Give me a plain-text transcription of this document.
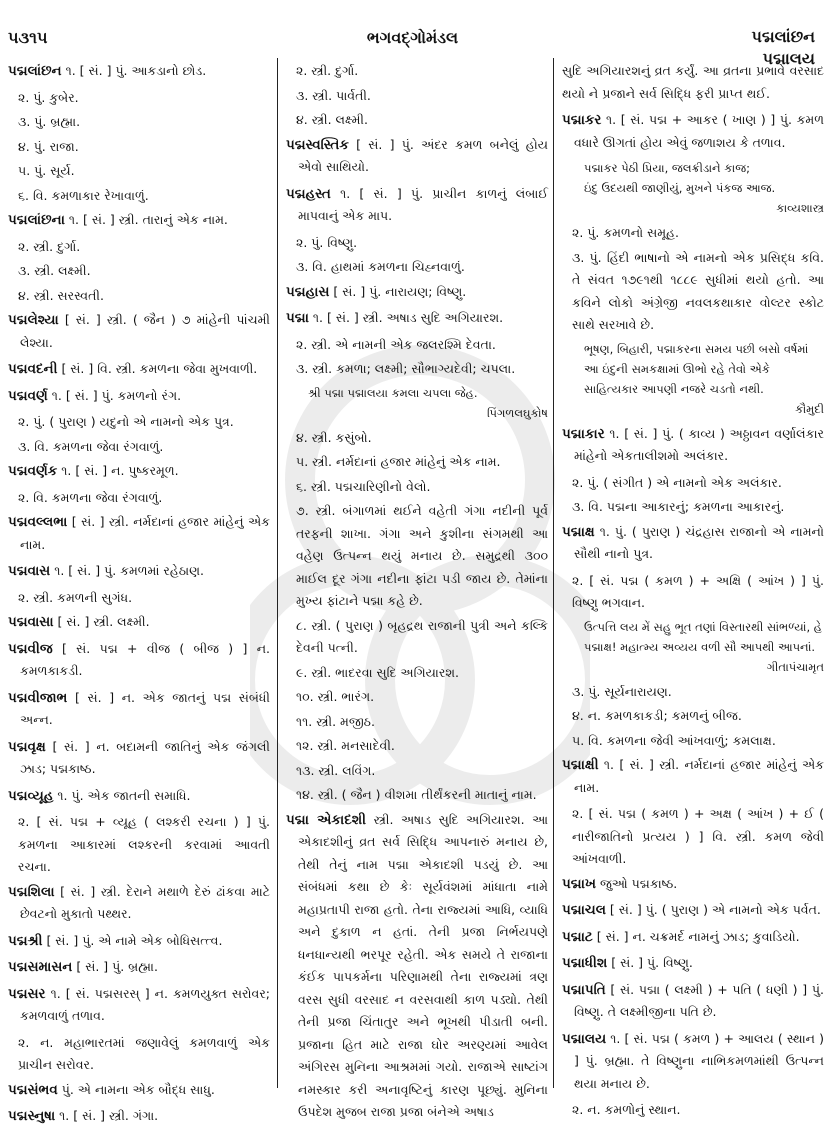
૫૩૧૫	ભગવદ્ગોમંડલ	પદ્મલાંછન
પદ્માલય
પદ્મલાંછન ૧. [ સં. ] પું. આકડાનો છોડ.
૨. પું. કુબેર.
૩. પું. બ્રહ્મા.
૪. પું. રાજા.
૫. પું. સૂર્ય.
૬. વિ. કમળાકાર રેખાવાળું.
પદ્મલાંછના ૧. [ સં. ] સ્ત્રી. તારાનું એક નામ.
૨. સ્ત્રી. દુર્ગા.
૩. સ્ત્રી. લક્ષ્મી.
૪. સ્ત્રી. સરસ્વતી.
પદ્મલેશ્યા [ સં. ] સ્ત્રી. ( જૈન ) ૭ માંહેની પાંચમી લેશ્યા.
પદ્મવદની [ સં. ] વિ. સ્ત્રી. કમળના જેવા મુખવાળી.
પદ્મવર્ણ ૧. [ સં. ] પું. કમળનો રંગ.
૨. પું. ( પુરાણ ) યદુનો એ નામનો એક પુત્ર.
૩. વિ. કમળના જેવા રંગવાળું.
પદ્મવર્ણક ૧. [ સં. ] ન. પુષ્કરમૂળ.
૨. વિ. કમળના જેવા રંગવાળું.
પદ્મવલ્લભા [ સં. ] સ્ત્રી. નર્મદાનાં હજાર માંહેનું એક નામ.
પદ્મવાસ ૧. [ સં. ] પું. કમળમાં રહેઠાણ.
૨. સ્ત્રી. કમળની સુગંધ.
પદ્મવાસા [ સં. ] સ્ત્રી. લક્ષ્મી.
પદ્મવીજ [ સં. પદ્મ + વીજ ( બીજ ) ] ન. કમળકાકડી.
પદ્મવીજાભ [ સં. ] ન. એક જાતનું પદ્મ સંબંધી અન્ન.
પદ્મવૃક્ષ [ સં. ] ન. બદામની જાતિનું એક જંગલી ઝાડ; પદ્મકાષ્ઠ.
પદ્મવ્યૂહ ૧. પું. એક જાતની સમાધિ.
૨. [ સં. પદ્મ + વ્યૂહ ( લશ્કરી રચના ) ] પું. કમળના આકારમાં લશ્કરની કરવામાં આવતી રચના.
પદ્મશિલા [ સં. ] સ્ત્રી. દેરાને મથાળે દેરું ઢાંકવા માટે છેવટનો મુકાતો પથ્થર.
પદ્મશ્રી [ સં. ] પું. એ નામે એક બોધિસત્ત્વ.
પદ્મસમાસન [ સં. ] પું. બ્રહ્મા.
પદ્મસર ૧. [ સં. પદ્મસરસ્ ] ન. કમળયુક્ત સરોવર; કમળવાળું તળાવ.
૨. ન. મહાભારતમાં જણાવેલું કમળવાળું એક પ્રાચીન સરોવર.
પદ્મસંભવ પું. એ નામના એક બૌદ્ધ સાધુ.
પદ્મસ્નુષા ૧. [ સં. ] સ્ત્રી. ગંગા.
૨. સ્ત્રી. દુર્ગા.
૩. સ્ત્રી. પાર્વતી.
૪. સ્ત્રી. લક્ષ્મી.
પદ્મસ્વસ્તિક [ સં. ] પું. અંદર કમળ બનેલું હોય એવો સાથિયો.
પદ્મહસ્ત ૧. [ સં. ] પું. પ્રાચીન કાળનું લંબાઈ માપવાનું એક માપ.
૨. પું. વિષ્ણુ.
૩. વિ. હાથમાં કમળના ચિહ્નવાળું.
પદ્મહાસ [ સં. ] પું. નારાયણ; વિષ્ણુ.
પદ્મા ૧. [ સં. ] સ્ત્રી. અષાડ સુદિ અગિયારશ.
૨. સ્ત્રી. એ નામની એક જલરશ્મિ દેવતા.
૩. સ્ત્રી. કમળા; લક્ષ્મી; સૌભાગ્યદેવી; ચપલા.
શ્રી પદ્મા પદ્માલયા કમલા ચપલા જેહ.
પિંગળલઘુકોષ
૪. સ્ત્રી. કસુંબો.
૫. સ્ત્રી. નર્મદાનાં હજાર માંહેનું એક નામ.
૬. સ્ત્રી. પદ્મચારિણીનો વેલો.
૭. સ્ત્રી. બંગાળમાં થઈને વહેતી ગંગા નદીની પૂર્વ તરફની શાખા. ગંગા અને કુશીના સંગમથી આ વહેણ ઉત્પન્ન થયું મનાય છે. સમુદ્રથી ૩૦૦ માઈલ દૂર ગંગા નદીના ફાંટા પડી જાય છે. તેમાંના મુખ્ય ફાંટાને પદ્મા કહે છે.
૮. સ્ત્રી. ( પુરાણ ) બૃહદ્રથ રાજાની પુત્રી અને કલ્કિ દેવની પત્ની.
૯. સ્ત્રી. ભાદરવા સુદિ અગિયારશ.
૧૦. સ્ત્રી. ભારંગ.
૧૧. સ્ત્રી. મજીઠ.
૧૨. સ્ત્રી. મનસાદેવી.
૧૩. સ્ત્રી. લવિંગ.
૧૪. સ્ત્રી. ( જૈન ) વીશમા તીર્થંકરની માતાનું નામ.
પદ્મા એકાદશી સ્ત્રી. અષાડ સુદિ અગિયારશ. આ એકાદશીનું વ્રત સર્વ સિદ્ધિ આપનારું મનાય છે, તેથી તેનું નામ પદ્મા એકાદશી પડયું છે. આ સંબંધમાં કથા છે કેઃ સૂર્યવંશમાં માંધાતા નામે મહાપ્રતાપી રાજા હતો. તેના રાજ્યમાં આધિ, વ્યાધિ અને દુકાળ ન હતાં. તેની પ્રજા નિર્ભયપણે ધનધાન્યથી ભરપૂર રહેતી. એક સમયે તે રાજાના કંઈક પાપકર્મના પરિણામથી તેના રાજ્યમાં ત્રણ વરસ સુધી વરસાદ ન વરસવાથી કાળ પડ્યો. તેથી તેની પ્રજા ચિંતાતુર અને ભૂખથી પીડાતી બની. પ્રજાના હિત માટે રાજા ઘોર અરણ્યમાં આવેલ અંગિરસ મુનિના આશ્રમમાં ગયો. રાજાએ સાષ્ટાંગ નમસ્કાર કરી અનાવૃષ્ટિનું કારણ પૂછ્યું. મુનિના ઉપદેશ મુજબ રાજા પ્રજા બંનેએ અષાડ
સુદિ અગિયારશનું વ્રત કર્યું. આ વ્રતના પ્રભાવે વરસાદ થયો ને પ્રજાને સર્વ સિદ્ધિ ફરી પ્રાપ્ત થઈ.
પદ્માકર ૧. [ સં. પદ્મ + આકર ( ખાણ ) ] પું. કમળ વધારે ઊગતાં હોય એવું જળાશય કે તળાવ.
પદ્માકર પેઠી પ્રિયા, જલક્રીડાને કાજ;
ઇંદુ ઉદયથી જાણીયું, મુખને પંકજ આજ.
કાવ્યશાસ્ત્ર
૨. પું. કમળનો સમૂહ.
૩. પું. હિંદી ભાષાનો એ નામનો એક પ્રસિદ્ધ કવિ. તે સંવત ૧૭૯૧થી ૧૮૮૯ સુધીમાં થયો હતો. આ કવિને લોકો અંગ્રેજી નવલકથાકાર વોલ્ટર સ્કોટ સાથે સરખાવે છે.
ભૂષણ, બિહારી, પદ્માકરના સમય પછી બસો વર્ષમાં આ ઇંદુની સમકક્ષામાં ઊભો રહે તેવો એકે સાહિત્યકાર આપણી નજરે ચડતો નથી.
કૌમુદી
પદ્માકાર ૧. [ સં. ] પું. ( કાવ્ય ) અઠ્ઠાવન વર્ણાલંકાર માંહેનો એકતાલીશમો અલંકાર.
૨. પું. ( સંગીત ) એ નામનો એક અલંકાર.
૩. વિ. પદ્મના આકારનું; કમળના આકારનું.
પદ્માક્ષ ૧. પું. ( પુરાણ ) ચંદ્રહાસ રાજાનો એ નામનો સૌથી નાનો પુત્ર.
૨. [ સં. પદ્મ ( કમળ ) + અક્ષિ ( આંખ ) ] પું. વિષ્ણુ ભગવાન.
ઉત્પત્તિ લય મેં સહુ ભૂત તણાં વિસ્તારથી સાંભળ્યાં, હે પદ્માક્ષ! મહાત્મ્ય અવ્યય વળી સૌ આપથી આપનાં.
ગીતાપંચામૃત
૩. પું. સૂર્યનારાયણ.
૪. ન. કમળકાકડી; કમળનું બીજ.
૫. વિ. કમળના જેવી આંખવાળું; કમલાક્ષ.
પદ્માક્ષી ૧. [ સં. ] સ્ત્રી. નર્મદાનાં હજાર માંહેનું એક નામ.
૨. [ સં. પદ્મ ( કમળ ) + અક્ષ ( આંખ ) + ઈ ( નારીજાતિનો પ્રત્યય ) ] વિ. સ્ત્રી. કમળ જેવી આંખવાળી.
પદ્માખ જુઓ પદ્મકાષ્ઠ.
પદ્માચલ [ સં. ] પું. ( પુરાણ ) એ નામનો એક પર્વત.
પદ્માટ [ સં. ] ન. ચક્રમર્દ નામનું ઝાડ; કુવાડિયો.
પદ્માધીશ [ સં. ] પું. વિષ્ણુ.
પદ્માપતિ [ સં. પદ્મા ( લક્ષ્મી ) + પતિ ( ધણી ) ] પું. વિષ્ણુ. તે લક્ષ્મીજીના પતિ છે.
પદ્માલય ૧. [ સં. પદ્મ ( કમળ ) + આલય ( સ્થાન ) ] પું. બ્રહ્મા. તે વિષ્ણુના નાભિકમળમાંથી ઉત્પન્ન થયા મનાય છે.
૨. ન. કમળોનું સ્થાન.
